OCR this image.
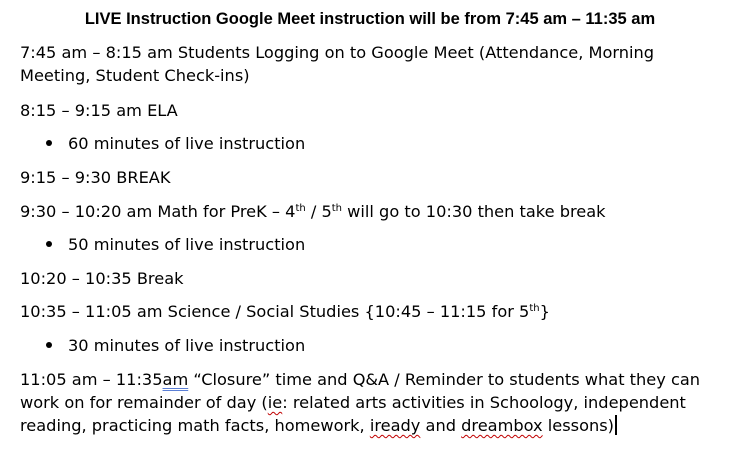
LIVE Instruction Google Meet instruction will be from 7:45 am – 11:35 am
7:45 am – 8:15 am Students Logging on to Google Meet (Attendance, Morning
Meeting, Student Check-ins)
8:15 – 9:15 am ELA
60 minutes of live instruction
9:15 – 9:30 BREAK
9:30 – 10:20 am Math for PreK – 4th / 5th will go to 10:30 then take break
50 minutes of live instruction
10:20 – 10:35 Break
10:35 – 11:05 am Science / Social Studies {10:45 – 11:15 for 5th}
30 minutes of live instruction
11:05 am – 11:35am “Closure” time and Q&A / Reminder to students what they can
work on for remainder of day (ie: related arts activities in Schoology, independent
reading, practicing math facts, homework, iready and dreambox lessons)
